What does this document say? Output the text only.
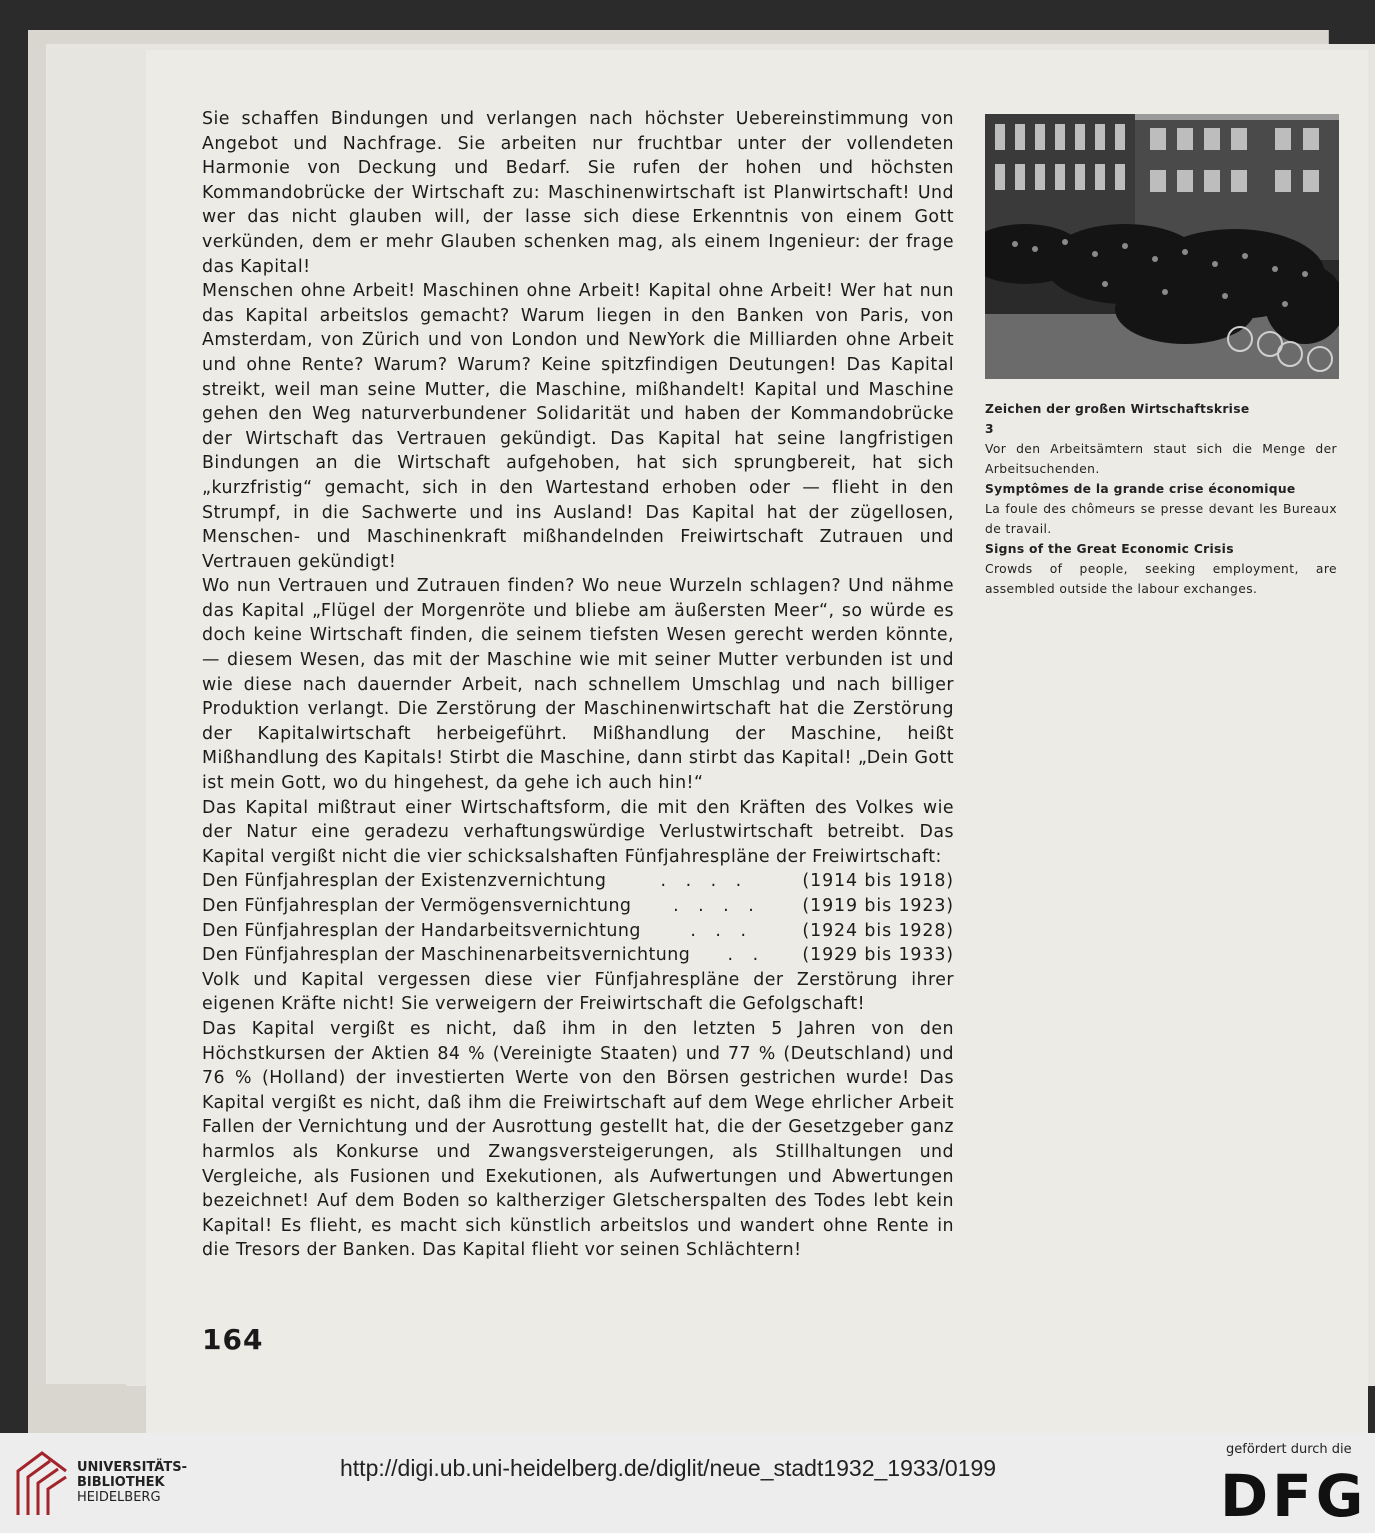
Sie schaffen Bindungen und verlangen nach höchster Uebereinstimmung von Angebot und Nachfrage. Sie arbeiten nur fruchtbar unter der vollendeten Harmonie von Deckung und Bedarf. Sie rufen der hohen und höchsten Kommandobrücke der Wirtschaft zu: Maschinenwirtschaft ist Planwirtschaft! Und wer das nicht glauben will, der lasse sich diese Erkenntnis von einem Gott verkünden, dem er mehr Glauben schenken mag, als einem Ingenieur: der frage das Kapital!

Menschen ohne Arbeit! Maschinen ohne Arbeit! Kapital ohne Arbeit! Wer hat nun das Kapital arbeitslos gemacht? Warum liegen in den Banken von Paris, von Amsterdam, von Zürich und von London und NewYork die Milliarden ohne Arbeit und ohne Rente? Warum? Warum? Keine spitzfindigen Deutungen! Das Kapital streikt, weil man seine Mutter, die Maschine, mißhandelt! Kapital und Maschine gehen den Weg naturverbundener Solidarität und haben der Kommandobrücke der Wirtschaft das Vertrauen gekündigt. Das Kapital hat seine langfristigen Bindungen an die Wirtschaft aufgehoben, hat sich sprungbereit, hat sich „kurzfristig“ gemacht, sich in den Wartestand erhoben oder — flieht in den Strumpf, in die Sachwerte und ins Ausland! Das Kapital hat der zügellosen, Menschen- und Maschinenkraft mißhandelnden Freiwirtschaft Zutrauen und Vertrauen gekündigt!

Wo nun Vertrauen und Zutrauen finden? Wo neue Wurzeln schlagen? Und nähme das Kapital „Flügel der Morgenröte und bliebe am äußersten Meer“, so würde es doch keine Wirtschaft finden, die seinem tiefsten Wesen gerecht werden könnte, — diesem Wesen, das mit der Maschine wie mit seiner Mutter verbunden ist und wie diese nach dauernder Arbeit, nach schnellem Umschlag und nach billiger Produktion verlangt. Die Zerstörung der Maschinenwirtschaft hat die Zerstörung der Kapitalwirtschaft herbeigeführt. Mißhandlung der Maschine, heißt Mißhandlung des Kapitals! Stirbt die Maschine, dann stirbt das Kapital! „Dein Gott ist mein Gott, wo du hingehest, da gehe ich auch hin!“

Das Kapital mißtraut einer Wirtschaftsform, die mit den Kräften des Volkes wie der Natur eine geradezu verhaftungswürdige Verlustwirtschaft betreibt. Das Kapital vergißt nicht die vier schicksalshaften Fünfjahrespläne der Freiwirtschaft:

Den Fünfjahresplan der Existenzvernichtung	. . . .	(1914 bis 1918)
Den Fünfjahresplan der Vermögensvernichtung	. . . .	(1919 bis 1923)
Den Fünfjahresplan der Handarbeitsvernichtung	. . .	(1924 bis 1928)
Den Fünfjahresplan der Maschinenarbeitsvernichtung	. .	(1929 bis 1933)

Volk und Kapital vergessen diese vier Fünfjahrespläne der Zerstörung ihrer eigenen Kräfte nicht! Sie verweigern der Freiwirtschaft die Gefolgschaft!

Das Kapital vergißt es nicht, daß ihm in den letzten 5 Jahren von den Höchstkursen der Aktien 84 % (Vereinigte Staaten) und 77 % (Deutschland) und 76 % (Holland) der investierten Werte von den Börsen gestrichen wurde! Das Kapital vergißt es nicht, daß ihm die Freiwirtschaft auf dem Wege ehrlicher Arbeit Fallen der Vernichtung und der Ausrottung gestellt hat, die der Gesetzgeber ganz harmlos als Konkurse und Zwangsversteigerungen, als Stillhaltungen und Vergleiche, als Fusionen und Exekutionen, als Aufwertungen und Abwertungen bezeichnet! Auf dem Boden so kaltherziger Gletscherspalten des Todes lebt kein Kapital! Es flieht, es macht sich künstlich arbeitslos und wandert ohne Rente in die Tresors der Banken. Das Kapital flieht vor seinen Schlächtern!

164
Zeichen der großen Wirtschaftskrise
3
Vor den Arbeitsämtern staut sich die Menge der Arbeitsuchenden.
Symptômes de la grande crise économique
La foule des chômeurs se presse devant les Bureaux de travail.
Signs of the Great Economic Crisis
Crowds of people, seeking employment, are assembled outside the labour exchanges.
UNIVERSITÄTS-
BIBLIOTHEK
HEIDELBERG
http://digi.ub.uni-heidelberg.de/diglit/neue_stadt1932_1933/0199
gefördert durch die
DFG
